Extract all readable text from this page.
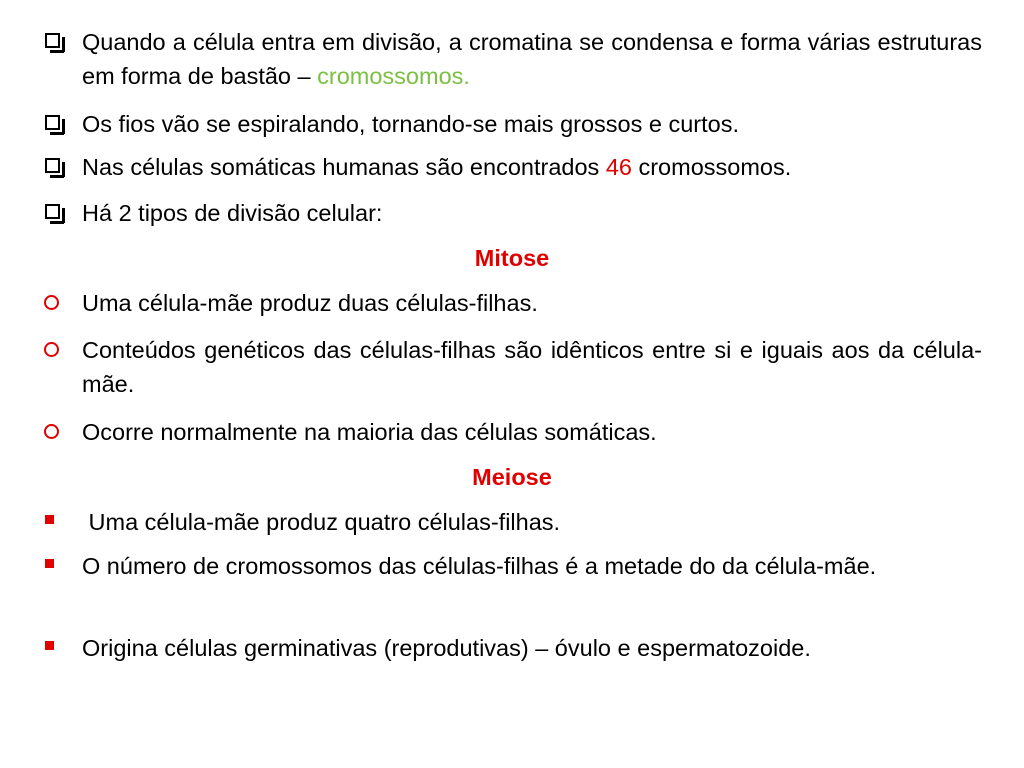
Quando a célula entra em divisão, a cromatina se condensa e forma várias estruturas em forma de bastão – cromossomos.
Os fios vão se espiralando, tornando-se mais grossos e curtos.
Nas células somáticas humanas são encontrados 46 cromossomos.
Há 2 tipos de divisão celular:
Mitose
Uma célula-mãe produz duas células-filhas.
Conteúdos genéticos das células-filhas são idênticos entre si e iguais aos da célula- mãe.
Ocorre normalmente na maioria das células somáticas.
Meiose
Uma célula-mãe produz quatro células-filhas.
O número de cromossomos das células-filhas é a metade do da célula-mãe.
Origina células germinativas (reprodutivas) – óvulo e espermatozoide.
